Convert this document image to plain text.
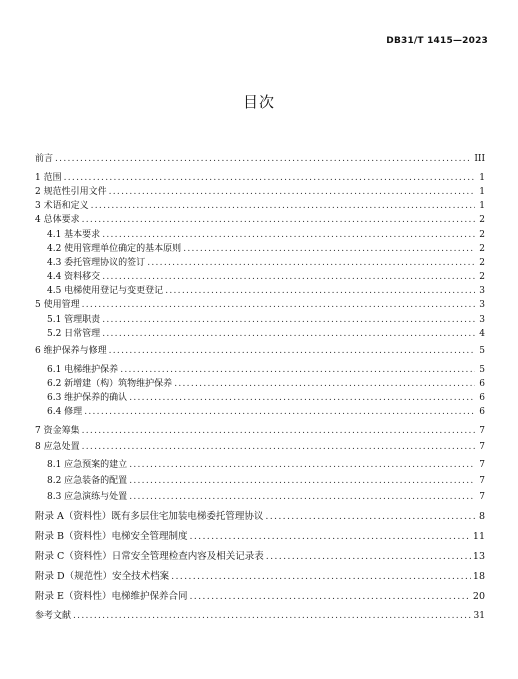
DB31/T 1415—2023
目次
前言 .....	III
1 范围 .....	1
2 规范性引用文件 .....	1
3 术语和定义 .....	1
4 总体要求 .....	2
4.1 基本要求 .....	2
4.2 使用管理单位确定的基本原则 .....	2
4.3 委托管理协议的签订 .....	2
4.4 资料移交 .....	2
4.5 电梯使用登记与变更登记 .....	3
5 使用管理 .....	3
5.1 管理职责 .....	3
5.2 日常管理 .....	4
6 维护保养与修理 .....	5
6.1 电梯维护保养 .....	5
6.2 新增建（构）筑物维护保养 .....	6
6.3 维护保养的确认 .....	6
6.4 修理 .....	6
7 资金筹集 .....	7
8 应急处置 .....	7
8.1 应急预案的建立 .....	7
8.2 应急装备的配置 .....	7
8.3 应急演练与处置 .....	7
附录 A（资料性）既有多层住宅加装电梯委托管理协议 .....	8
附录 B（资料性）电梯安全管理制度 .....	11
附录 C（资料性）日常安全管理检查内容及相关记录表 .....	13
附录 D（规范性）安全技术档案 .....	18
附录 E（资料性）电梯维护保养合同 .....	20
参考文献 .....	31
